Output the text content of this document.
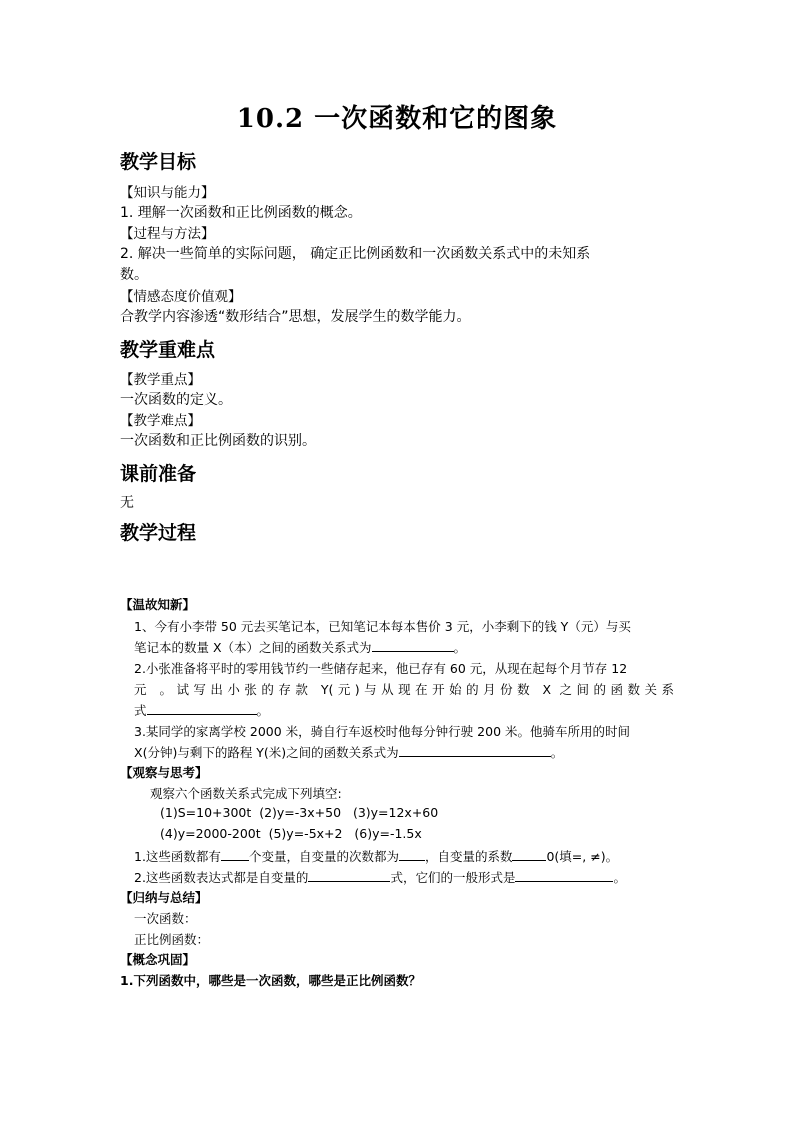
10.2 一次函数和它的图象
教学目标
【知识与能力】
1. 理解一次函数和正比例函数的概念。
【过程与方法】
2. 解决一些简单的实际问题， 确定正比例函数和一次函数关系式中的未知系
数。
【情感态度价值观】
合教学内容渗透“数形结合”思想，发展学生的数学能力。
教学重难点
【教学重点】
一次函数的定义。
【教学难点】
一次函数和正比例函数的识别。
课前准备
无
教学过程
【温故知新】
1、今有小李带 50 元去买笔记本，已知笔记本每本售价 3 元，小李剩下的钱 Y（元）与买
笔记本的数量 X（本）之间的函数关系式为	。
2.小张准备将平时的零用钱节约一些储存起来，他已存有 60 元，从现在起每个月节存 12
元 。试写出小张的存款 Y(元)与从现在开始的月份数 X 之间的函数关系
式	。
3.某同学的家离学校 2000 米，骑自行车返校时他每分钟行驶 200 米。他骑车所用的时间
X(分钟)与剩下的路程 Y(米)之间的函数关系式为	。
【观察与思考】
观察六个函数关系式完成下列填空:
(1)S=10+300t  (2)y=-3x+50   (3)y=12x+60
(4)y=2000-200t  (5)y=-5x+2   (6)y=-1.5x
1.这些函数都有 个变量，自变量的次数都为 ，自变量的系数	0(填=, ≠)。
2.这些函数表达式都是自变量的	式，它们的一般形式是	。
【归纳与总结】
一次函数：
正比例函数：
【概念巩固】
1.下列函数中，哪些是一次函数，哪些是正比例函数？
